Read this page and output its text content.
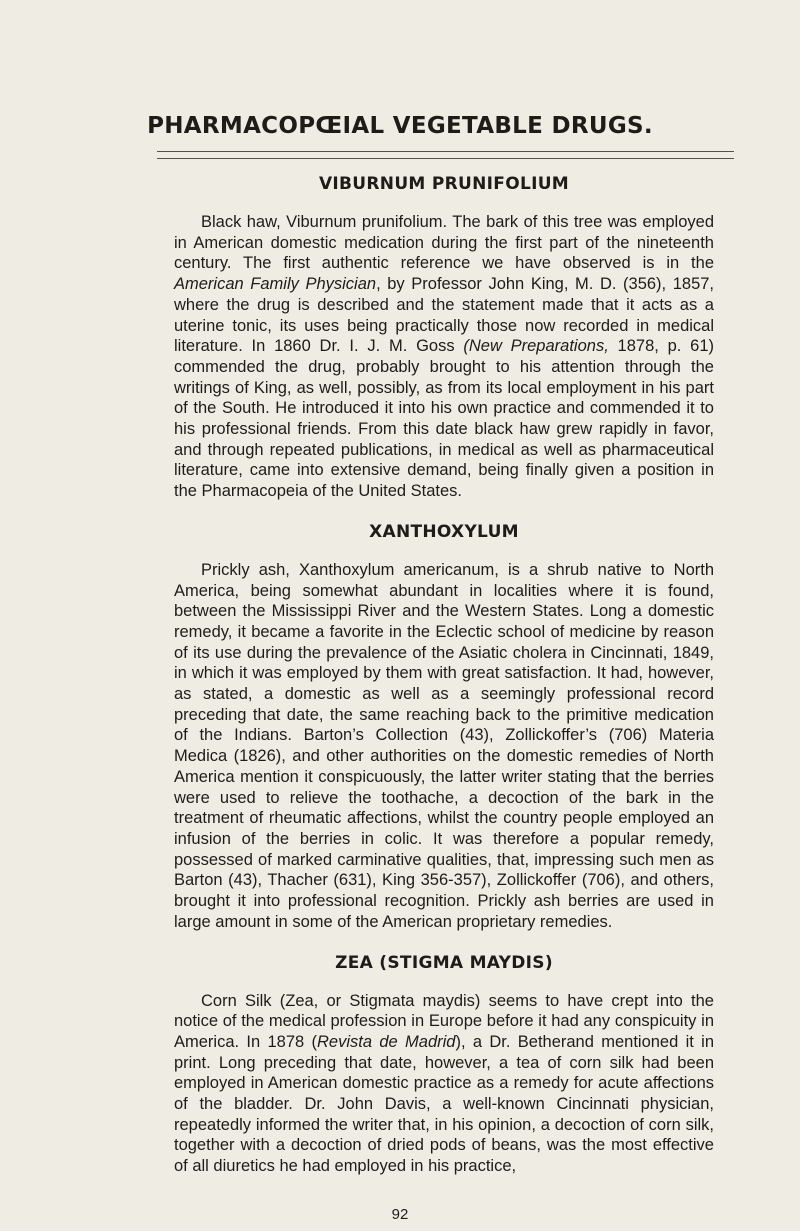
PHARMACOPŒIAL VEGETABLE DRUGS.
VIBURNUM PRUNIFOLIUM

Black haw, Viburnum prunifolium. The bark of this tree was employed in American domestic medication during the first part of the nineteenth century. The first authentic reference we have observed is in the American Family Physician, by Professor John King, M. D. (356), 1857, where the drug is described and the statement made that it acts as a uterine tonic, its uses being practically those now recorded in medical literature. In 1860 Dr. I. J. M. Goss (New Preparations, 1878, p. 61) commended the drug, probably brought to his attention through the writings of King, as well, possibly, as from its local employment in his part of the South. He introduced it into his own practice and commended it to his professional friends. From this date black haw grew rapidly in favor, and through repeated publications, in medical as well as pharmaceutical literature, came into extensive demand, being finally given a position in the Pharmacopeia of the United States.

XANTHOXYLUM

Prickly ash, Xanthoxylum americanum, is a shrub native to North America, being somewhat abundant in localities where it is found, between the Mississippi River and the Western States. Long a domestic remedy, it became a favorite in the Eclectic school of medicine by reason of its use during the prevalence of the Asiatic cholera in Cincinnati, 1849, in which it was employed by them with great satisfaction. It had, however, as stated, a domestic as well as a seemingly professional record preceding that date, the same reaching back to the primitive medication of the Indians. Barton’s Collection (43), Zollickoffer’s (706) Materia Medica (1826), and other authorities on the domestic remedies of North America mention it conspicuously, the latter writer stating that the berries were used to relieve the toothache, a decoction of the bark in the treatment of rheumatic affections, whilst the country people employed an infusion of the berries in colic. It was therefore a popular remedy, possessed of marked carminative qualities, that, impressing such men as Barton (43), Thacher (631), King 356-357), Zollickoffer (706), and others, brought it into professional recognition. Prickly ash berries are used in large amount in some of the American proprietary remedies.

ZEA (STIGMA MAYDIS)

Corn Silk (Zea, or Stigmata maydis) seems to have crept into the notice of the medical profession in Europe before it had any conspicuity in America. In 1878 (Revista de Madrid), a Dr. Betherand mentioned it in print. Long preceding that date, however, a tea of corn silk had been employed in American domestic practice as a remedy for acute affections of the bladder. Dr. John Davis, a well-known Cincinnati physician, repeatedly informed the writer that, in his opinion, a decoction of corn silk, together with a decoction of dried pods of beans, was the most effective of all diuretics he had employed in his practice,

92
